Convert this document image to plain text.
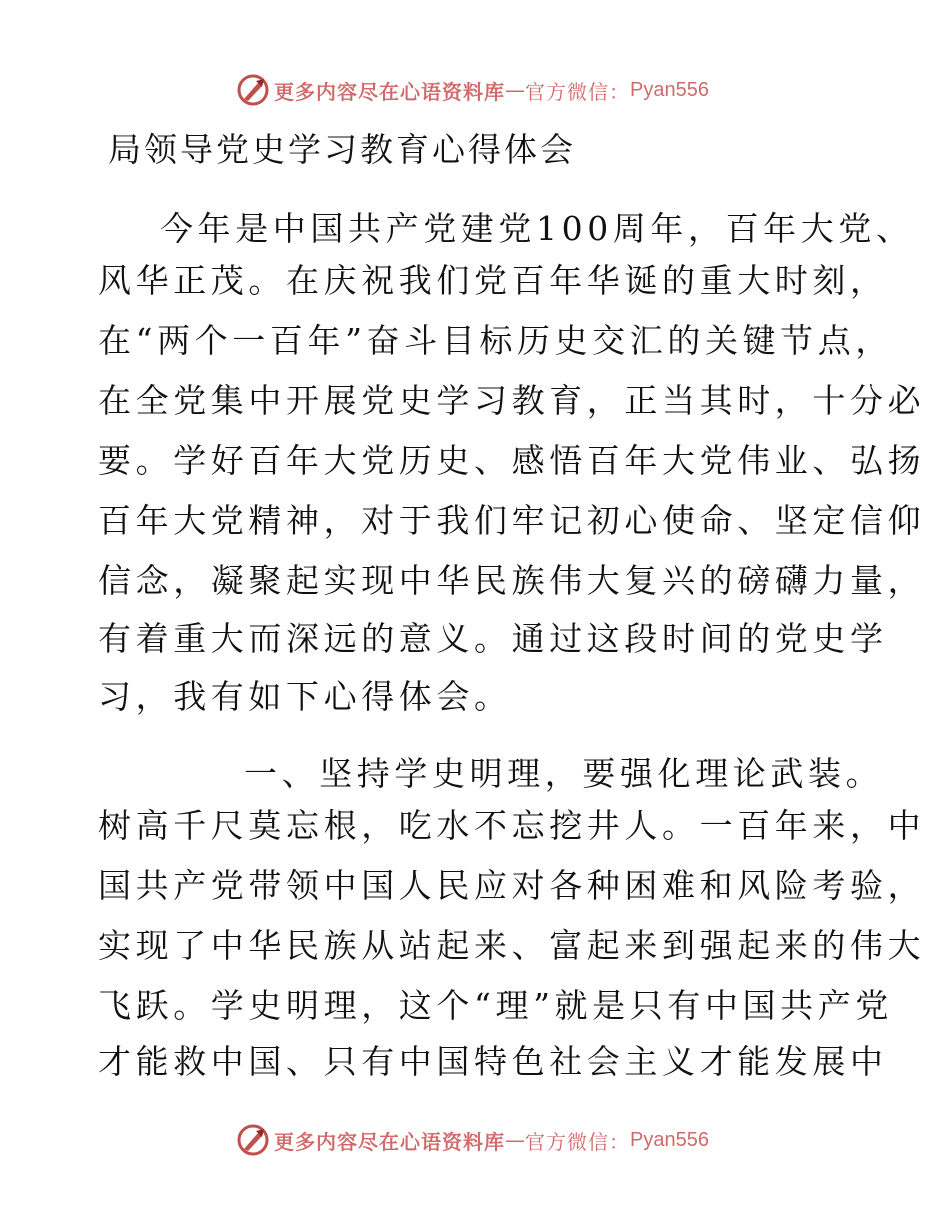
更多内容尽在心语资料库 — 官方微信： Pyan556
局领导党史学习教育心得体会
今年是中国共产党建党100周年，百年大党、
风华正茂。在庆祝我们党百年华诞的重大时刻，
在“两个一百年”奋斗目标历史交汇的关键节点，
在全党集中开展党史学习教育，正当其时，十分必
要。学好百年大党历史、感悟百年大党伟业、弘扬
百年大党精神，对于我们牢记初心使命、坚定信仰
信念，凝聚起实现中华民族伟大复兴的磅礴力量，
有着重大而深远的意义。通过这段时间的党史学
习，我有如下心得体会。
一、坚持学史明理，要强化理论武装。
树高千尺莫忘根，吃水不忘挖井人。一百年来，中
国共产党带领中国人民应对各种困难和风险考验，
实现了中华民族从站起来、富起来到强起来的伟大
飞跃。学史明理，这个“理”就是只有中国共产党
才能救中国、只有中国特色社会主义才能发展中
更多内容尽在心语资料库 — 官方微信： Pyan556
